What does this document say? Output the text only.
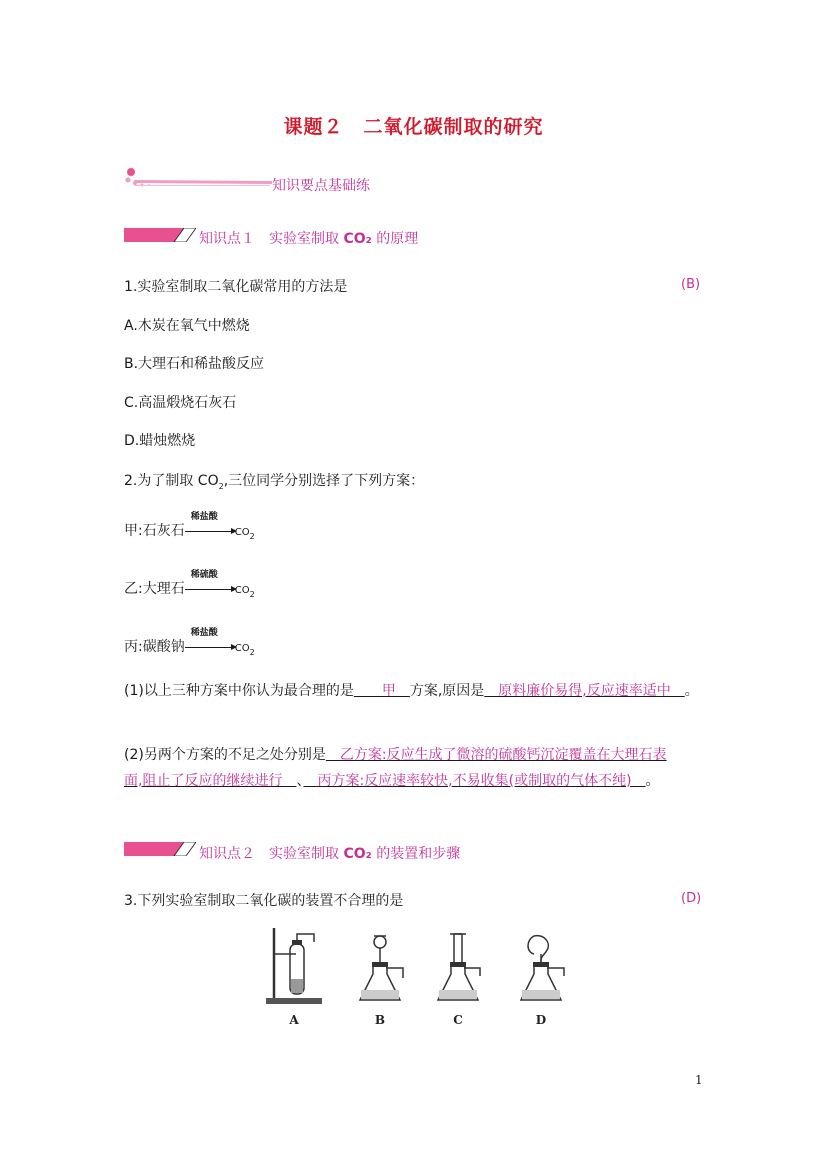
课题２　二氧化碳制取的研究
知识要点基础练
知识点１　实验室制取 CO₂ 的原理
1.实验室制取二氧化碳常用的方法是	(B)
A.木炭在氧气中燃烧
B.大理石和稀盐酸反应
C.高温煅烧石灰石
D.蜡烛燃烧
2.为了制取 $CO_2$,三位同学分别选择了下列方案：
甲:石灰石
稀盐酸
$CO_2$
乙:大理石
稀硫酸
$CO_2$
丙:碳酸钠
稀盐酸
$CO_2$
(1)以上三种方案中你认为最合理的是　　甲　方案,原因是　原料廉价易得,反应速率适中　。
(2)另两个方案的不足之处分别是　乙方案:反应生成了微溶的硫酸钙沉淀覆盖在大理石表
面,阻止了反应的继续进行　、　丙方案:反应速率较快,不易收集(或制取的气体不纯)　。
知识点２　实验室制取 CO₂ 的装置和步骤
3.下列实验室制取二氧化碳的装置不合理的是	(D)
A	B	C	D
1
